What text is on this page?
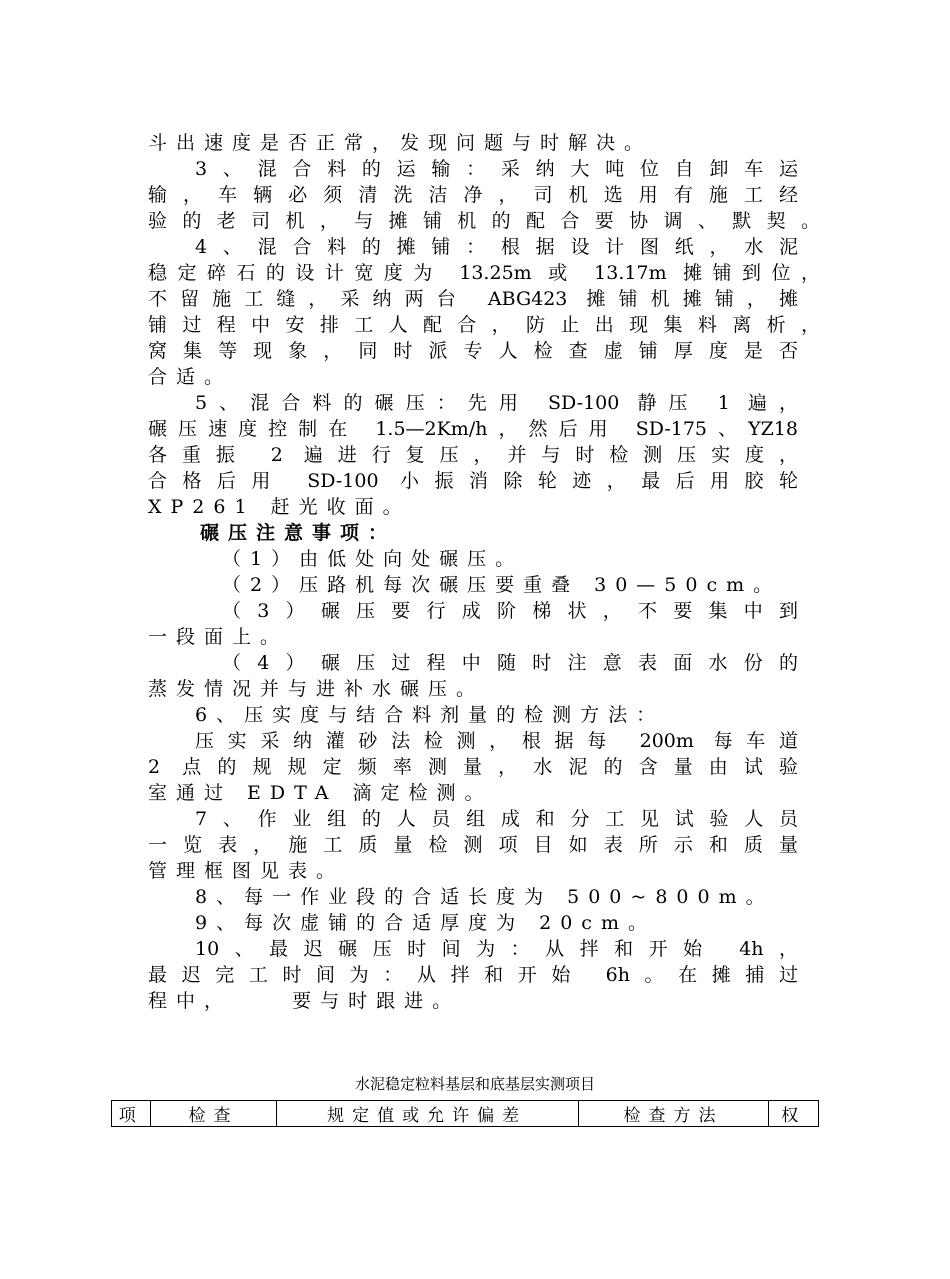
斗出速度是否正常，发现问题与时解决。
3、混合料的运输：采纳大吨位自卸车运
输，车辆必须清洗洁净，司机选用有施工经
验的老司机，与摊铺机的配合要协调、默契。
4、混合料的摊铺：根据设计图纸，水泥
稳定碎石的设计宽度为 13.25m 或 13.17m 摊铺到位，
不留施工缝，采纳两台 ABG423 摊铺机摊铺，摊
铺过程中安排工人配合，防止出现集料离析，
窝集等现象，同时派专人检查虚铺厚度是否
合适。
5、混合料的碾压：先用 SD-100 静压 1 遍，
碾压速度控制在 1.5—2Km/h，然后用 SD-175、YZ18
各重振 2 遍进行复压，并与时检测压实度，
合格后用 SD-100 小振消除轮迹，最后用胶轮
XP261 赶光收面。
碾压注意事项：
（1）由低处向处碾压。
（2）压路机每次碾压要重叠 30—50cm。
（3）碾压要行成阶梯状，不要集中到
一段面上。
（4）碾压过程中随时注意表面水份的
蒸发情况并与进补水碾压。
6、压实度与结合料剂量的检测方法：
压实采纳灌砂法检测，根据每 200m 每车道
2 点的规规定频率测量，水泥的含量由试验
室通过 EDTA 滴定检测。
7、作业组的人员组成和分工见试验人员
一览表，施工质量检测项目如表所示和质量
管理框图见表。
8、每一作业段的合适长度为 500~800m。
9、每次虚铺的合适厚度为 20cm。
10、最迟碾压时间为：从拌和开始 4h，
最迟完工时间为：从拌和开始 6h。在摊捕过
程中，    要与时跟进。
水泥稳定粒料基层和底基层实测项目
项	检查	规定值或允许偏差	检查方法	权
